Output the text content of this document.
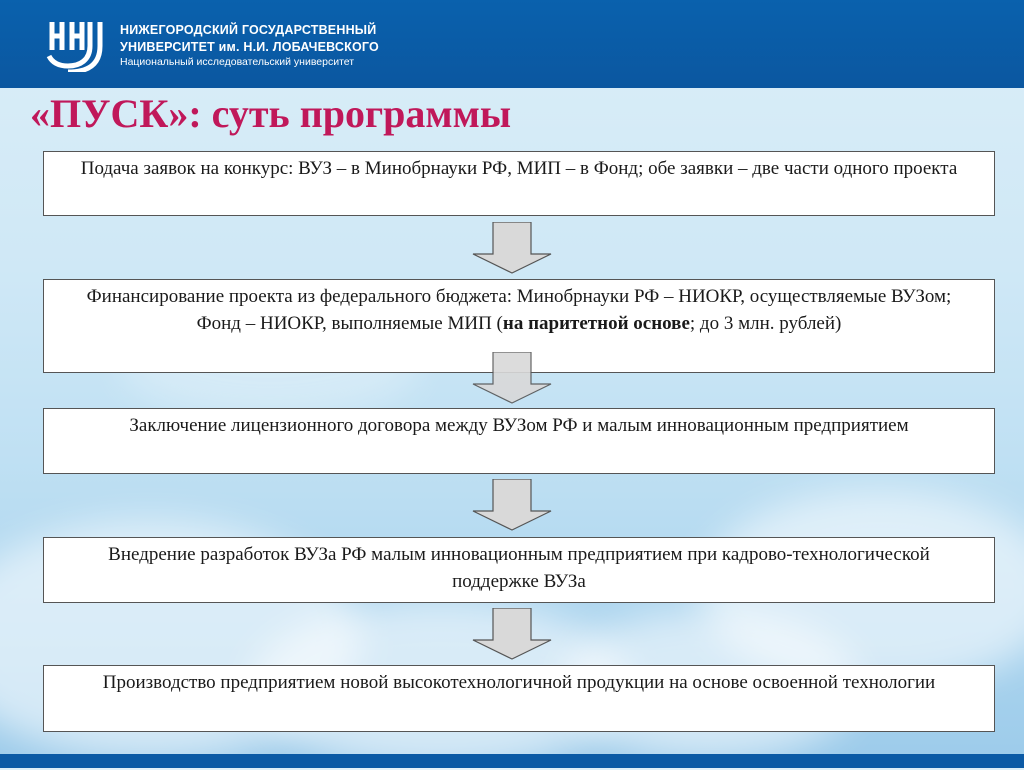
НИЖЕГОРОДСКИЙ ГОСУДАРСТВЕННЫЙ
УНИВЕРСИТЕТ им. Н.И. ЛОБАЧЕВСКОГО
Национальный исследовательский университет
«ПУСК»: суть программы
Подача заявок на конкурс: ВУЗ – в Минобрнауки РФ, МИП – в Фонд; обе заявки – две части одного проекта
Финансирование проекта из федерального бюджета: Минобрнауки РФ – НИОКР, осуществляемые ВУЗом; Фонд – НИОКР, выполняемые МИП (на паритетной основе; до 3 млн. рублей)
Заключение лицензионного договора между ВУЗом РФ и малым инновационным предприятием
Внедрение разработок ВУЗа РФ малым инновационным предприятием при кадрово-технологической поддержке ВУЗа
Производство предприятием новой высокотехнологичной продукции на основе освоенной технологии
